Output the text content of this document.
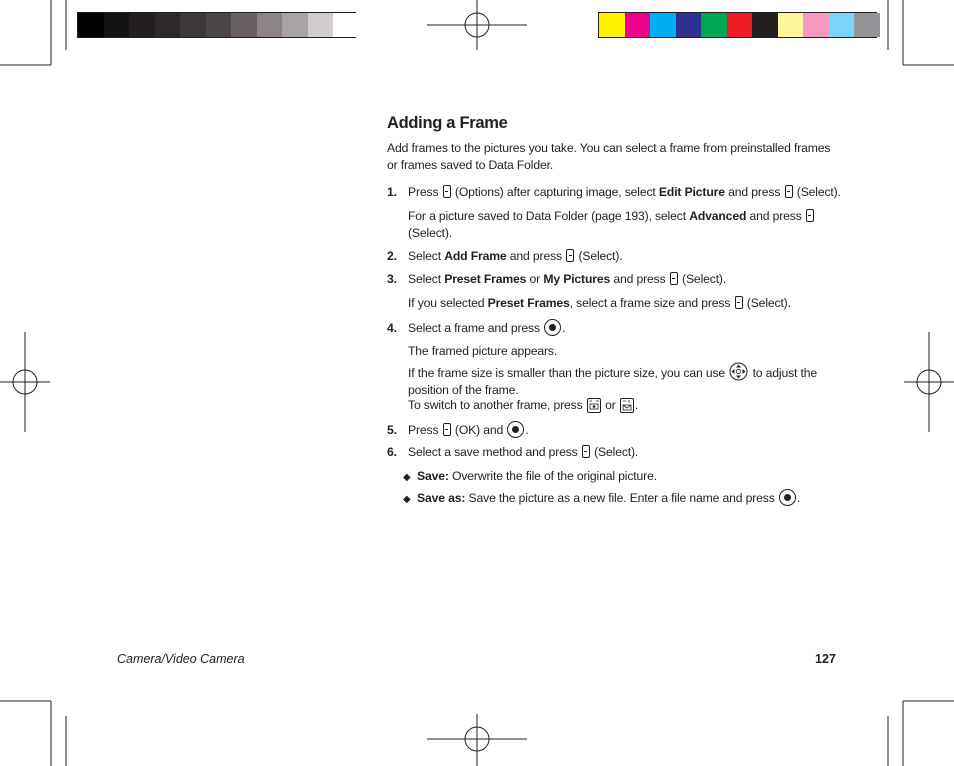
Adding a Frame

Add frames to the pictures you take. You can select a frame from preinstalled frames or frames saved to Data Folder.

1. Press (Options) after capturing image, select Edit Picture and press (Select).

For a picture saved to Data Folder (page 193), select Advanced and press
(Select).

2. Select Add Frame and press (Select).

3. Select Preset Frames or My Pictures and press (Select).

If you selected Preset Frames, select a frame size and press (Select).

4. Select a frame and press .

The framed picture appears.

If the frame size is smaller than the picture size, you can use to adjust the position of the frame.

To switch to another frame, press or .

5. Press (OK) and .

6. Select a save method and press (Select).

◆ Save: Overwrite the file of the original picture.

◆ Save as: Save the picture as a new file. Enter a file name and press .

Camera/Video Camera	127
